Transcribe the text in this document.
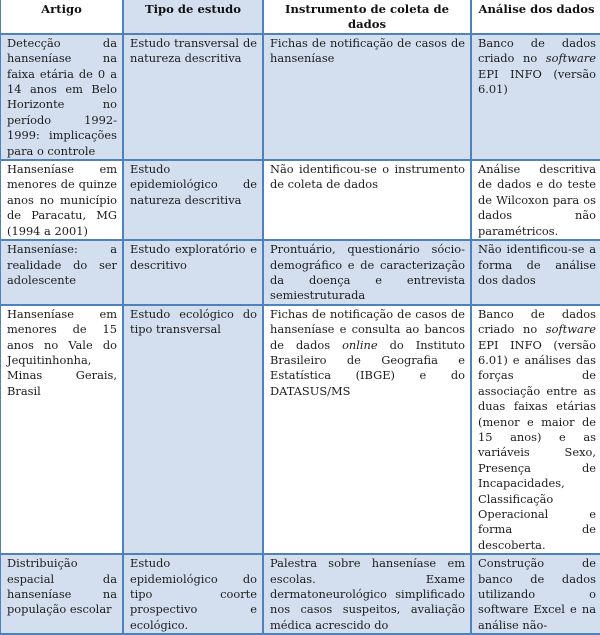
Artigo	Tipo de estudo	Instrumento de coleta de dados	Análise dos dados

Detecção da hanseníase na faixa etária de 0 a 14 anos em Belo Horizonte no período 1992-1999: implicações para o controle	Estudo transversal de natureza descritiva	Fichas de notificação de casos de hanseníase	Banco de dados criado no software EPI INFO (versão 6.01)

Hanseníase em menores de quinze anos no município de Paracatu, MG (1994 a 2001)	Estudo epidemiológico de natureza descritiva	Não identificou-se o instrumento de coleta de dados	Análise descritiva de dados e do teste de Wilcoxon para os dados não paramétricos.

Hanseníase: a realidade do ser adolescente	Estudo exploratório e descritivo	Prontuário, questionário sócio-demográfico e de caracterização da doença e entrevista semiestruturada	Não identificou-se a forma de análise dos dados

Hanseníase em menores de 15 anos no Vale do Jequitinhonha, Minas Gerais, Brasil	Estudo ecológico do tipo transversal	Fichas de notificação de casos de hanseníase e consulta ao bancos de dados online do Instituto Brasileiro de Geografia e Estatística (IBGE) e do DATASUS/MS	Banco de dados criado no software EPI INFO (versão 6.01) e análises das forças de associação entre as duas faixas etárias (menor e maior de 15 anos) e as variáveis Sexo, Presença de Incapacidades, Classificação Operacional e forma de descoberta.

Distribuição espacial da hanseníase na população escolar	Estudo epidemiológico do tipo coorte prospectivo e ecológico.	Palestra sobre hanseníase em escolas. Exame dermatoneurológico simplificado nos casos suspeitos, avaliação médica acrescido do	Construção de banco de dados utilizando o software Excel e na análise não-
